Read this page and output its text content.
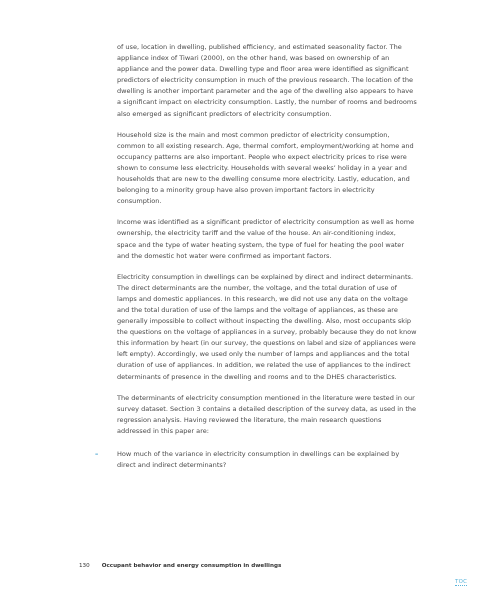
of use, location in dwelling, published efficiency, and estimated seasonality factor. The appliance index of Tiwari (2000), on the other hand, was based on ownership of an appliance and the power data. Dwelling type and floor area were identified as significant predictors of electricity consumption in much of the previous research. The location of the dwelling is another important parameter and the age of the dwelling also appears to have a significant impact on electricity consumption. Lastly, the number of rooms and bedrooms also emerged as significant predictors of electricity consumption.

Household size is the main and most common predictor of electricity consumption, common to all existing research. Age, thermal comfort, employment/working at home and occupancy patterns are also important. People who expect electricity prices to rise were shown to consume less electricity. Households with several weeks’ holiday in a year and households that are new to the dwelling consume more electricity. Lastly, education, and belonging to a minority group have also proven important factors in electricity consumption.

Income was identified as a significant predictor of electricity consumption as well as home ownership, the electricity tariff and the value of the house. An air-conditioning index, space and the type of water heating system, the type of fuel for heating the pool water and the domestic hot water were confirmed as important factors.

Electricity consumption in dwellings can be explained by direct and indirect determinants. The direct determinants are the number, the voltage, and the total duration of use of lamps and domestic appliances. In this research, we did not use any data on the voltage and the total duration of use of the lamps and the voltage of appliances, as these are generally impossible to collect without inspecting the dwelling. Also, most occupants skip the questions on the voltage of appliances in a survey, probably because they do not know this information by heart (in our survey, the questions on label and size of appliances were left empty). Accordingly, we used only the number of lamps and appliances and the total duration of use of appliances. In addition, we related the use of appliances to the indirect determinants of presence in the dwelling and rooms and to the DHES characteristics.

The determinants of electricity consumption mentioned in the literature were tested in our survey dataset. Section 3 contains a detailed description of the survey data, as used in the regression analysis. Having reviewed the literature, the main research questions addressed in this paper are:

–	How much of the variance in electricity consumption in dwellings can be explained by direct and indirect determinants?
130 Occupant behavior and energy consumption in dwellings
TOC
